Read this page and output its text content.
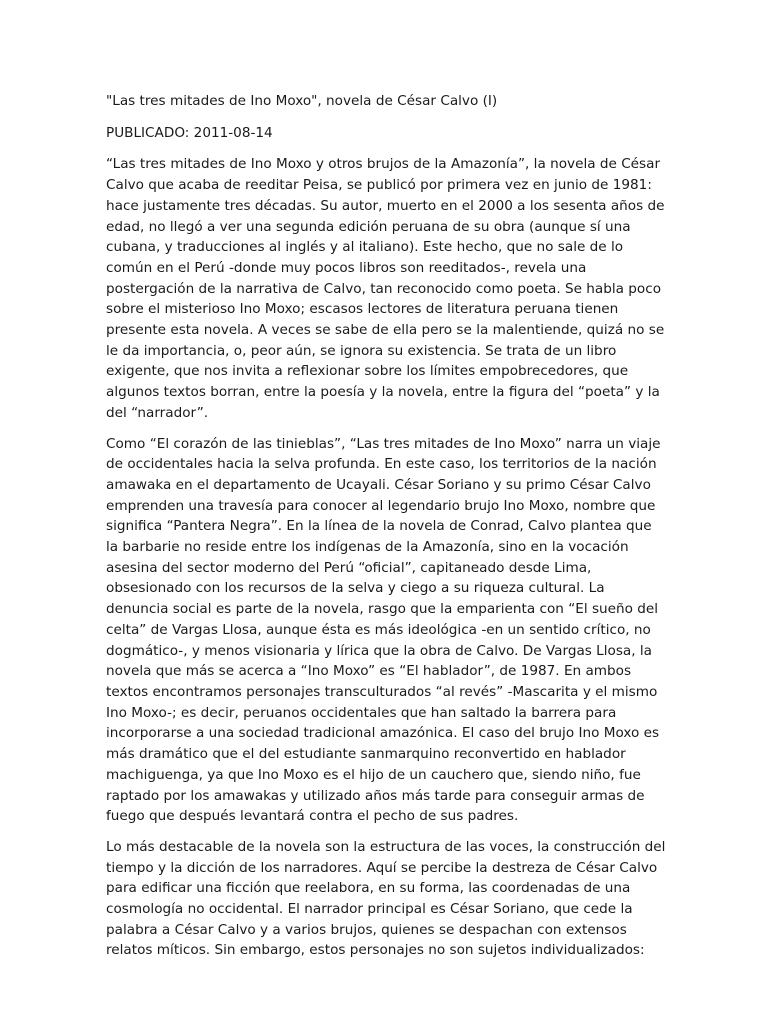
"Las tres mitades de Ino Moxo", novela de César Calvo (I)

PUBLICADO: 2011-08-14

“Las tres mitades de Ino Moxo y otros brujos de la Amazonía”, la novela de César Calvo que acaba de reeditar Peisa, se publicó por primera vez en junio de 1981: hace justamente tres décadas. Su autor, muerto en el 2000 a los sesenta años de edad, no llegó a ver una segunda edición peruana de su obra (aunque sí una cubana, y traducciones al inglés y al italiano). Este hecho, que no sale de lo común en el Perú -donde muy pocos libros son reeditados-, revela una postergación de la narrativa de Calvo, tan reconocido como poeta. Se habla poco sobre el misterioso Ino Moxo; escasos lectores de literatura peruana tienen presente esta novela. A veces se sabe de ella pero se la malentiende, quizá no se le da importancia, o, peor aún, se ignora su existencia. Se trata de un libro exigente, que nos invita a reflexionar sobre los límites empobrecedores, que algunos textos borran, entre la poesía y la novela, entre la figura del “poeta” y la del “narrador”.

Como “El corazón de las tinieblas”, “Las tres mitades de Ino Moxo” narra un viaje de occidentales hacia la selva profunda. En este caso, los territorios de la nación amawaka en el departamento de Ucayali. César Soriano y su primo César Calvo emprenden una travesía para conocer al legendario brujo Ino Moxo, nombre que significa “Pantera Negra”. En la línea de la novela de Conrad, Calvo plantea que la barbarie no reside entre los indígenas de la Amazonía, sino en la vocación asesina del sector moderno del Perú “oficial”, capitaneado desde Lima, obsesionado con los recursos de la selva y ciego a su riqueza cultural. La denuncia social es parte de la novela, rasgo que la emparienta con “El sueño del celta” de Vargas Llosa, aunque ésta es más ideológica -en un sentido crítico, no dogmático-, y menos visionaria y lírica que la obra de Calvo. De Vargas Llosa, la novela que más se acerca a “Ino Moxo” es “El hablador”, de 1987. En ambos textos encontramos personajes transculturados “al revés” -Mascarita y el mismo Ino Moxo-; es decir, peruanos occidentales que han saltado la barrera para incorporarse a una sociedad tradicional amazónica. El caso del brujo Ino Moxo es más dramático que el del estudiante sanmarquino reconvertido en hablador machiguenga, ya que Ino Moxo es el hijo de un cauchero que, siendo niño, fue raptado por los amawakas y utilizado años más tarde para conseguir armas de fuego que después levantará contra el pecho de sus padres.

Lo más destacable de la novela son la estructura de las voces, la construcción del tiempo y la dicción de los narradores. Aquí se percibe la destreza de César Calvo para edificar una ficción que reelabora, en su forma, las coordenadas de una cosmología no occidental. El narrador principal es César Soriano, que cede la palabra a César Calvo y a varios brujos, quienes se despachan con extensos relatos míticos. Sin embargo, estos personajes no son sujetos individualizados:
